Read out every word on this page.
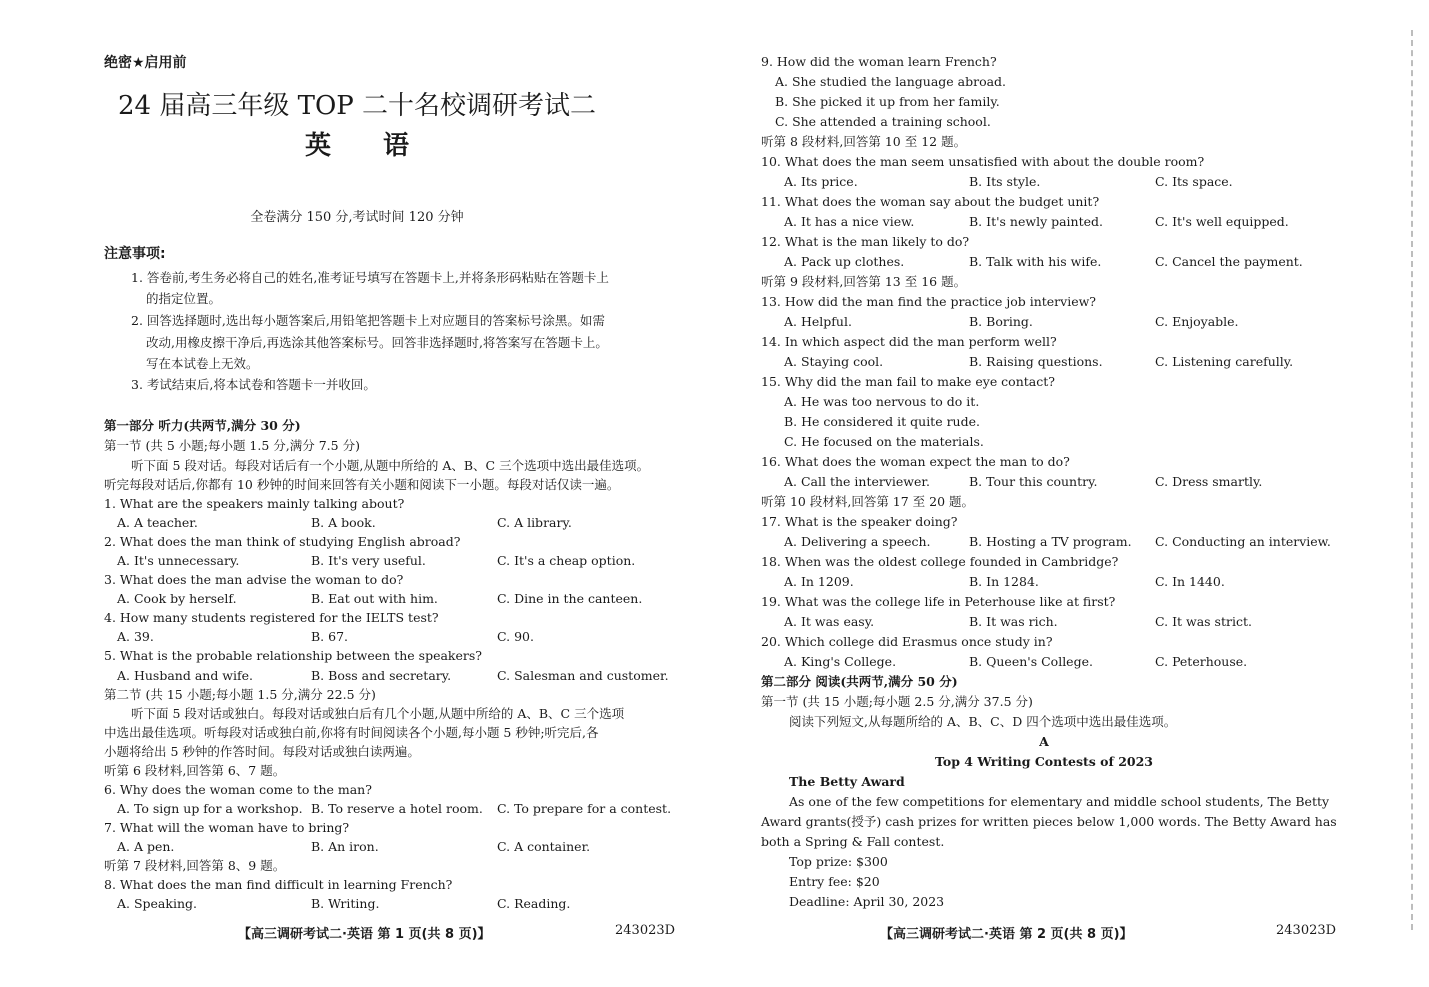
绝密★启用前
24 届高三年级 TOP 二十名校调研考试二
英语
全卷满分 150 分,考试时间 120 分钟
注意事项:
1. 答卷前,考生务必将自己的姓名,准考证号填写在答题卡上,并将条形码粘贴在答题卡上
的指定位置。
2. 回答选择题时,选出每小题答案后,用铅笔把答题卡上对应题目的答案标号涂黑。如需
改动,用橡皮擦干净后,再选涂其他答案标号。回答非选择题时,将答案写在答题卡上。
写在本试卷上无效。
3. 考试结束后,将本试卷和答题卡一并收回。
第一部分 听力(共两节,满分 30 分)
第一节 (共 5 小题;每小题 1.5 分,满分 7.5 分)
听下面 5 段对话。每段对话后有一个小题,从题中所给的 A、B、C 三个选项中选出最佳选项。
听完每段对话后,你都有 10 秒钟的时间来回答有关小题和阅读下一小题。每段对话仅读一遍。
1. What are the speakers mainly talking about?
A. A teacher.	B. A book.	C. A library.
2. What does the man think of studying English abroad?
A. It's unnecessary.	B. It's very useful.	C. It's a cheap option.
3. What does the man advise the woman to do?
A. Cook by herself.	B. Eat out with him.	C. Dine in the canteen.
4. How many students registered for the IELTS test?
A. 39.	B. 67.	C. 90.
5. What is the probable relationship between the speakers?
A. Husband and wife.	B. Boss and secretary.	C. Salesman and customer.
第二节 (共 15 小题;每小题 1.5 分,满分 22.5 分)
听下面 5 段对话或独白。每段对话或独白后有几个小题,从题中所给的 A、B、C 三个选项
中选出最佳选项。听每段对话或独白前,你将有时间阅读各个小题,每小题 5 秒钟;听完后,各
小题将给出 5 秒钟的作答时间。每段对话或独白读两遍。
听第 6 段材料,回答第 6、7 题。
6. Why does the woman come to the man?
A. To sign up for a workshop. B. To reserve a hotel room. C. To prepare for a contest.
7. What will the woman have to bring?
A. A pen.	B. An iron.	C. A container.
听第 7 段材料,回答第 8、9 题。
8. What does the man find difficult in learning French?
A. Speaking.	B. Writing.	C. Reading.
【高三调研考试二·英语 第 1 页(共 8 页)】	243023D
9. How did the woman learn French?
A. She studied the language abroad.
B. She picked it up from her family.
C. She attended a training school.
听第 8 段材料,回答第 10 至 12 题。
10. What does the man seem unsatisfied with about the double room?
A. Its price.	B. Its style.	C. Its space.
11. What does the woman say about the budget unit?
A. It has a nice view.	B. It's newly painted.	C. It's well equipped.
12. What is the man likely to do?
A. Pack up clothes.	B. Talk with his wife.	C. Cancel the payment.
听第 9 段材料,回答第 13 至 16 题。
13. How did the man find the practice job interview?
A. Helpful.	B. Boring.	C. Enjoyable.
14. In which aspect did the man perform well?
A. Staying cool.	B. Raising questions.	C. Listening carefully.
15. Why did the man fail to make eye contact?
A. He was too nervous to do it.
B. He considered it quite rude.
C. He focused on the materials.
16. What does the woman expect the man to do?
A. Call the interviewer.	B. Tour this country.	C. Dress smartly.
听第 10 段材料,回答第 17 至 20 题。
17. What is the speaker doing?
A. Delivering a speech.	B. Hosting a TV program. C. Conducting an interview.
18. When was the oldest college founded in Cambridge?
A. In 1209.	B. In 1284.	C. In 1440.
19. What was the college life in Peterhouse like at first?
A. It was easy.	B. It was rich.	C. It was strict.
20. Which college did Erasmus once study in?
A. King's College.	B. Queen's College.	C. Peterhouse.
第二部分 阅读(共两节,满分 50 分)
第一节 (共 15 小题;每小题 2.5 分,满分 37.5 分)
阅读下列短文,从每题所给的 A、B、C、D 四个选项中选出最佳选项。
A
Top 4 Writing Contests of 2023
The Betty Award
As one of the few competitions for elementary and middle school students, The Betty
Award grants(授予) cash prizes for written pieces below 1,000 words. The Betty Award has
both a Spring & Fall contest.
Top prize: $300
Entry fee: $20
Deadline: April 30, 2023
【高三调研考试二·英语 第 2 页(共 8 页)】	243023D
